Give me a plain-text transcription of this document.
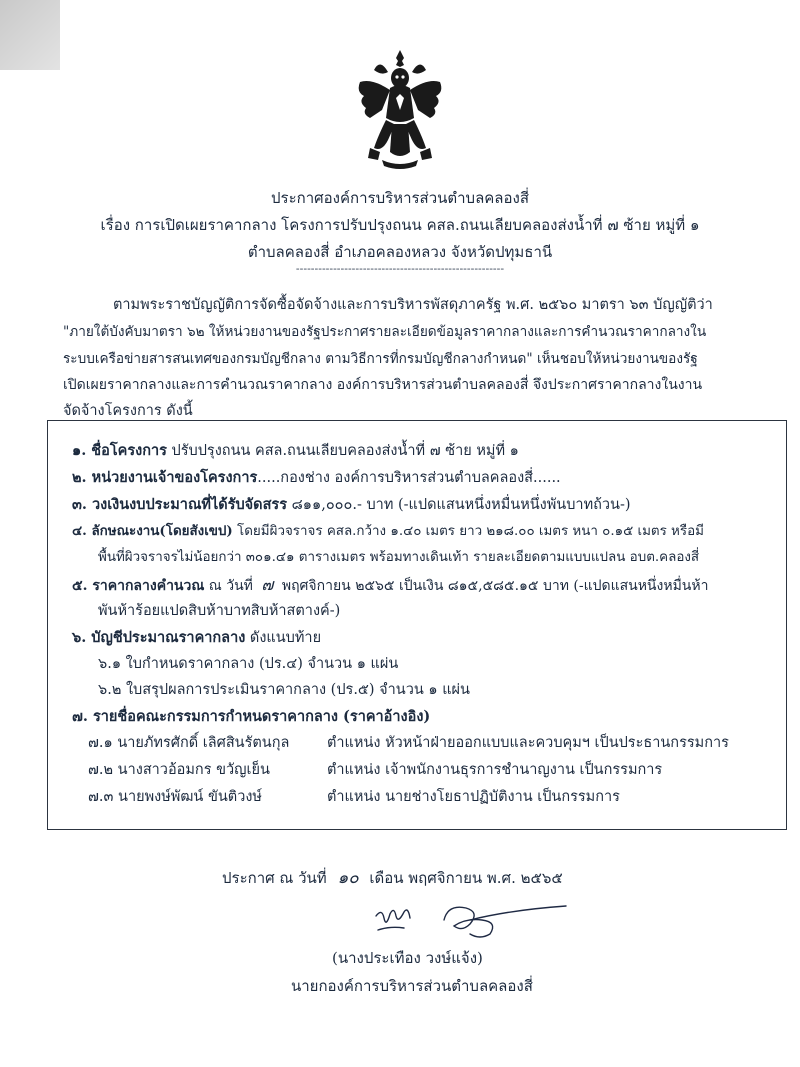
ประกาศองค์การบริหารส่วนตำบลคลองสี่
เรื่อง การเปิดเผยราคากลาง โครงการปรับปรุงถนน คสล.ถนนเลียบคลองส่งน้ำที่ ๗ ซ้าย หมู่ที่ ๑
ตำบลคลองสี่ อำเภอคลองหลวง จังหวัดปทุมธานี
--------------------------------------------------------
ตามพระราชบัญญัติการจัดซื้อจัดจ้างและการบริหารพัสดุภาครัฐ พ.ศ. ๒๕๖๐ มาตรา ๖๓ บัญญัติว่า
"ภายใต้บังคับมาตรา ๖๒ ให้หน่วยงานของรัฐประกาศรายละเอียดข้อมูลราคากลางและการคำนวณราคากลางใน
ระบบเครือข่ายสารสนเทศของกรมบัญชีกลาง ตามวิธีการที่กรมบัญชีกลางกำหนด" เห็นชอบให้หน่วยงานของรัฐ
เปิดเผยราคากลางและการคำนวณราคากลาง องค์การบริหารส่วนตำบลคลองสี่ จึงประกาศราคากลางในงาน
จัดจ้างโครงการ ดังนี้
๑. ชื่อโครงการ ปรับปรุงถนน คสล.ถนนเลียบคลองส่งน้ำที่ ๗ ซ้าย หมู่ที่ ๑
๒. หน่วยงานเจ้าของโครงการ.....กองช่าง องค์การบริหารส่วนตำบลคลองสี่......
๓. วงเงินงบประมาณที่ได้รับจัดสรร ๘๑๑,๐๐๐.- บาท (-แปดแสนหนึ่งหมื่นหนึ่งพันบาทถ้วน-)
๔. ลักษณะงาน(โดยสังเขป) โดยมีผิวจราจร คสล.กว้าง ๑.๔๐ เมตร ยาว ๒๑๘.๐๐ เมตร หนา ๐.๑๕ เมตร หรือมี
พื้นที่ผิวจราจรไม่น้อยกว่า ๓๐๑.๔๑ ตารางเมตร พร้อมทางเดินเท้า รายละเอียดตามแบบแปลน อบต.คลองสี่
๕. ราคากลางคำนวณ ณ วันที่ ๗ พฤศจิกายน ๒๕๖๕ เป็นเงิน ๘๑๕,๕๘๕.๑๕ บาท (-แปดแสนหนึ่งหมื่นห้า
พันห้าร้อยแปดสิบห้าบาทสิบห้าสตางค์-)
๖. บัญชีประมาณราคากลาง ดังแนบท้าย
๖.๑ ใบกำหนดราคากลาง (ปร.๔) จำนวน ๑ แผ่น
๖.๒ ใบสรุปผลการประเมินราคากลาง (ปร.๕) จำนวน ๑ แผ่น
๗. รายชื่อคณะกรรมการกำหนดราคากลาง (ราคาอ้างอิง)
๗.๑ นายภัทรศักดิ์ เลิศสินรัตนกุล	ตำแหน่ง หัวหน้าฝ่ายออกแบบและควบคุมฯ เป็นประธานกรรมการ
๗.๒ นางสาวอ้อมกร ขวัญเย็น	ตำแหน่ง เจ้าพนักงานธุรการชำนาญงาน เป็นกรรมการ
๗.๓ นายพงษ์พัฒน์ ขันติวงษ์	ตำแหน่ง นายช่างโยธาปฏิบัติงาน เป็นกรรมการ
ประกาศ ณ วันที่ ๑๐ เดือน พฤศจิกายน พ.ศ. ๒๕๖๕
(นางประเทือง วงษ์แจ้ง)
นายกองค์การบริหารส่วนตำบลคลองสี่
